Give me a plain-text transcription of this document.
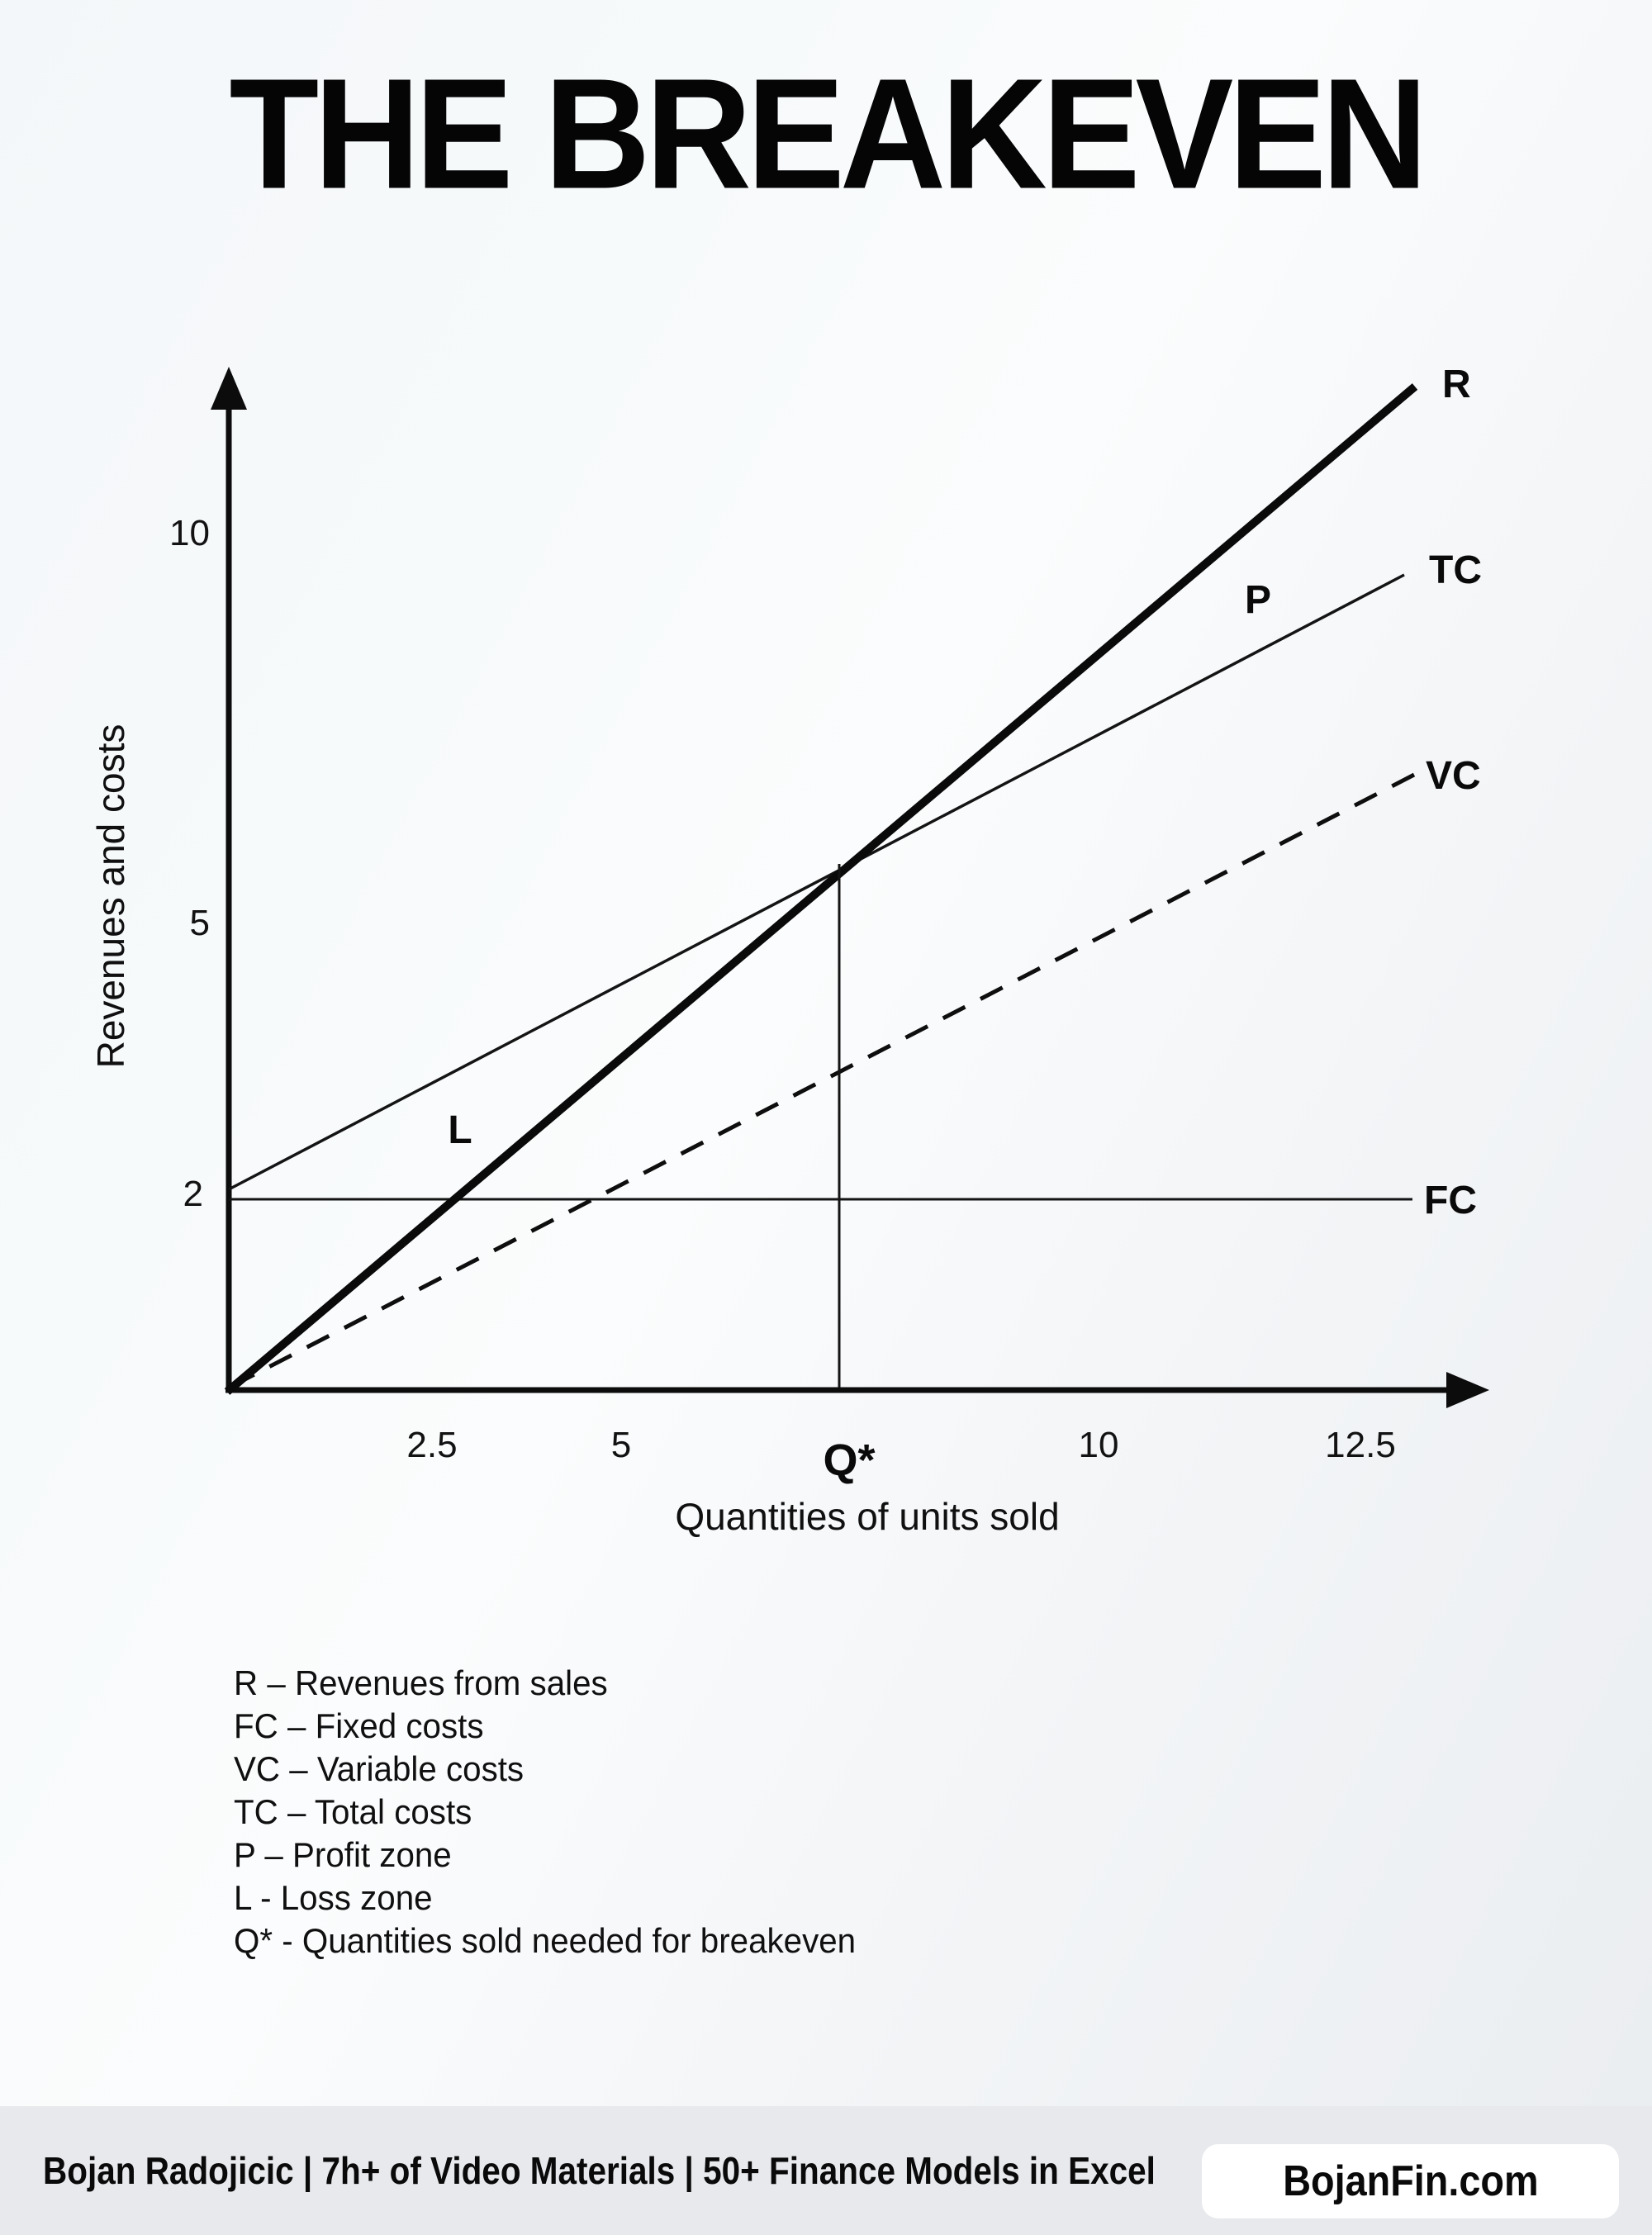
THE BREAKEVEN
R
TC
VC
FC
P
L
10
5
2
2.5	5	Q*	10	12.5
Quantities of units sold
Revenues and costs
R – Revenues from sales
FC – Fixed costs
VC – Variable costs
TC – Total costs
P – Profit zone
L - Loss zone
Q* - Quantities sold needed for breakeven
Bojan Radojicic | 7h+ of Video Materials | 50+ Finance Models in Excel	BojanFin.com
